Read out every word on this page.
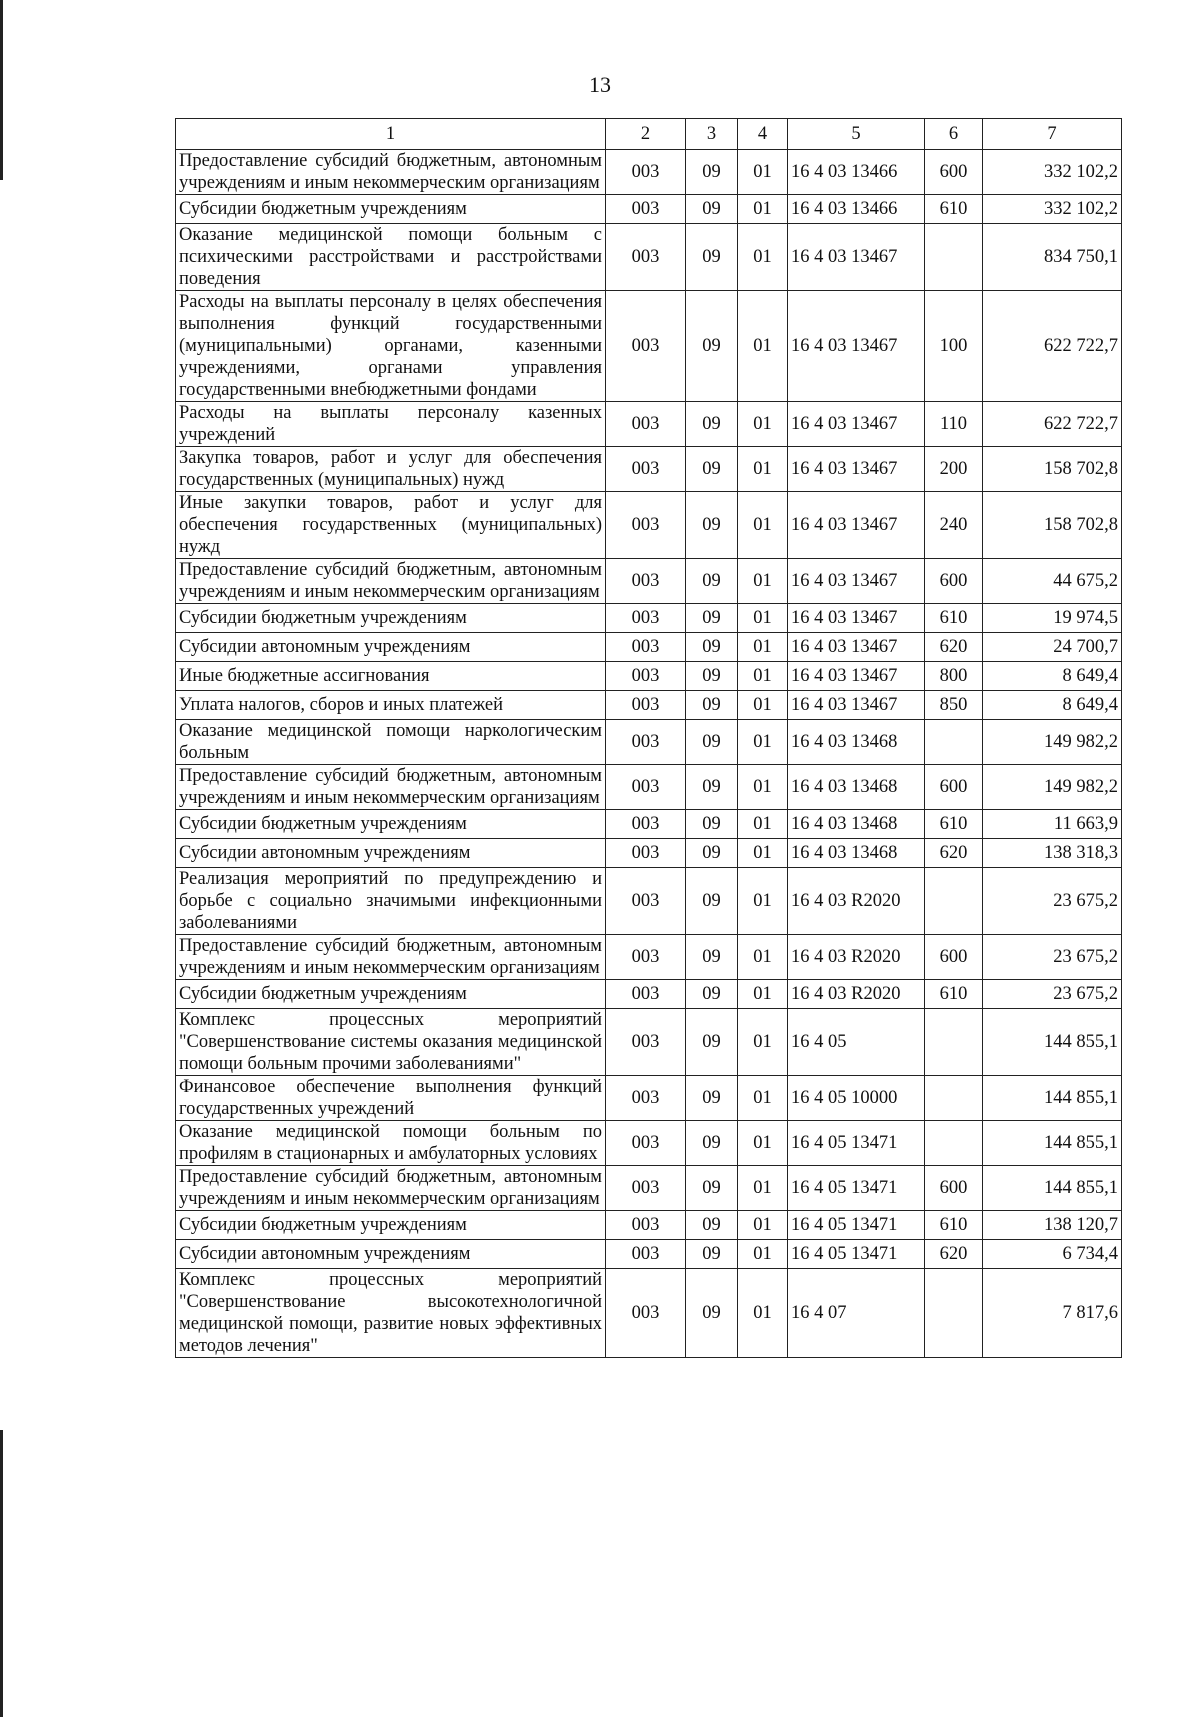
13
1	2	3	4	5	6	7
Предоставление субсидий бюджетным, автономным учреждениям и иным некоммерческим организациям	003	09	01	16 4 03 13466	600	332 102,2
Субсидии бюджетным учреждениям	003	09	01	16 4 03 13466	610	332 102,2
Оказание медицинской помощи больным с психическими расстройствами и расстройствами поведения	003	09	01	16 4 03 13467		834 750,1
Расходы на выплаты персоналу в целях обеспечения выполнения функций государственными (муниципальными) органами, казенными учреждениями, органами управления государственными внебюджетными фондами	003	09	01	16 4 03 13467	100	622 722,7
Расходы на выплаты персоналу казенных учреждений	003	09	01	16 4 03 13467	110	622 722,7
Закупка товаров, работ и услуг для обеспечения государственных (муниципальных) нужд	003	09	01	16 4 03 13467	200	158 702,8
Иные закупки товаров, работ и услуг для обеспечения государственных (муниципальных) нужд	003	09	01	16 4 03 13467	240	158 702,8
Предоставление субсидий бюджетным, автономным учреждениям и иным некоммерческим организациям	003	09	01	16 4 03 13467	600	44 675,2
Субсидии бюджетным учреждениям	003	09	01	16 4 03 13467	610	19 974,5
Субсидии автономным учреждениям	003	09	01	16 4 03 13467	620	24 700,7
Иные бюджетные ассигнования	003	09	01	16 4 03 13467	800	8 649,4
Уплата налогов, сборов и иных платежей	003	09	01	16 4 03 13467	850	8 649,4
Оказание медицинской помощи наркологическим больным	003	09	01	16 4 03 13468		149 982,2
Предоставление субсидий бюджетным, автономным учреждениям и иным некоммерческим организациям	003	09	01	16 4 03 13468	600	149 982,2
Субсидии бюджетным учреждениям	003	09	01	16 4 03 13468	610	11 663,9
Субсидии автономным учреждениям	003	09	01	16 4 03 13468	620	138 318,3
Реализация мероприятий по предупреждению и борьбе с социально значимыми инфекционными заболеваниями	003	09	01	16 4 03 R2020		23 675,2
Предоставление субсидий бюджетным, автономным учреждениям и иным некоммерческим организациям	003	09	01	16 4 03 R2020	600	23 675,2
Субсидии бюджетным учреждениям	003	09	01	16 4 03 R2020	610	23 675,2
Комплекс процессных мероприятий "Совершенствование системы оказания медицинской помощи больным прочими заболеваниями"	003	09	01	16 4 05		144 855,1
Финансовое обеспечение выполнения функций государственных учреждений	003	09	01	16 4 05 10000		144 855,1
Оказание медицинской помощи больным по профилям в стационарных и амбулаторных условиях	003	09	01	16 4 05 13471		144 855,1
Предоставление субсидий бюджетным, автономным учреждениям и иным некоммерческим организациям	003	09	01	16 4 05 13471	600	144 855,1
Субсидии бюджетным учреждениям	003	09	01	16 4 05 13471	610	138 120,7
Субсидии автономным учреждениям	003	09	01	16 4 05 13471	620	6 734,4
Комплекс процессных мероприятий "Совершенствование высокотехнологичной медицинской помощи, развитие новых эффективных методов лечения"	003	09	01	16 4 07		7 817,6
